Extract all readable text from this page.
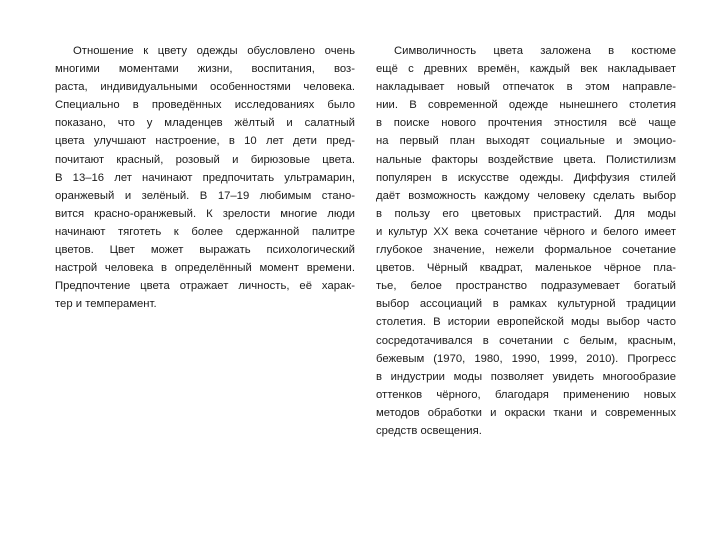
Отношение к цвету одежды обусловлено очень
многими моментами жизни, воспитания, воз-
раста, индивидуальными особенностями человека.
Специально в проведённых исследованиях было
показано, что у младенцев жёлтый и салатный
цвета улучшают настроение, в 10 лет дети пред-
почитают красный, розовый и бирюзовые цвета.
В 13–16 лет начинают предпочитать ультрамарин,
оранжевый и зелёный. В 17–19 любимым стано-
вится красно-оранжевый. К зрелости многие люди
начинают тяготеть к более сдержанной палитре
цветов. Цвет может выражать психологический
настрой человека в определённый момент времени.
Предпочтение цвета отражает личность, её харак-
тер и темперамент.
Символичность цвета заложена в костюме
ещё с древних времён, каждый век накладывает
накладывает новый отпечаток в этом направле-
нии. В современной одежде нынешнего столетия
в поиске нового прочтения этностиля всё чаще
на первый план выходят социальные и эмоцио-
нальные факторы воздействие цвета. Полистилизм
популярен в искусстве одежды. Диффузия стилей
даёт возможность каждому человеку сделать выбор
в пользу его цветовых пристрастий. Для моды
и культур XX века сочетание чёрного и белого имеет
глубокое значение, нежели формальное сочетание
цветов. Чёрный квадрат, маленькое чёрное пла-
тье, белое пространство подразумевает богатый
выбор ассоциаций в рамках культурной традиции
столетия. В истории европейской моды выбор часто
сосредотачивался в сочетании с белым, красным,
бежевым (1970, 1980, 1990, 1999, 2010). Прогресс
в индустрии моды позволяет увидеть многообразие
оттенков чёрного, благодаря применению новых
методов обработки и окраски ткани и современных
средств освещения.
